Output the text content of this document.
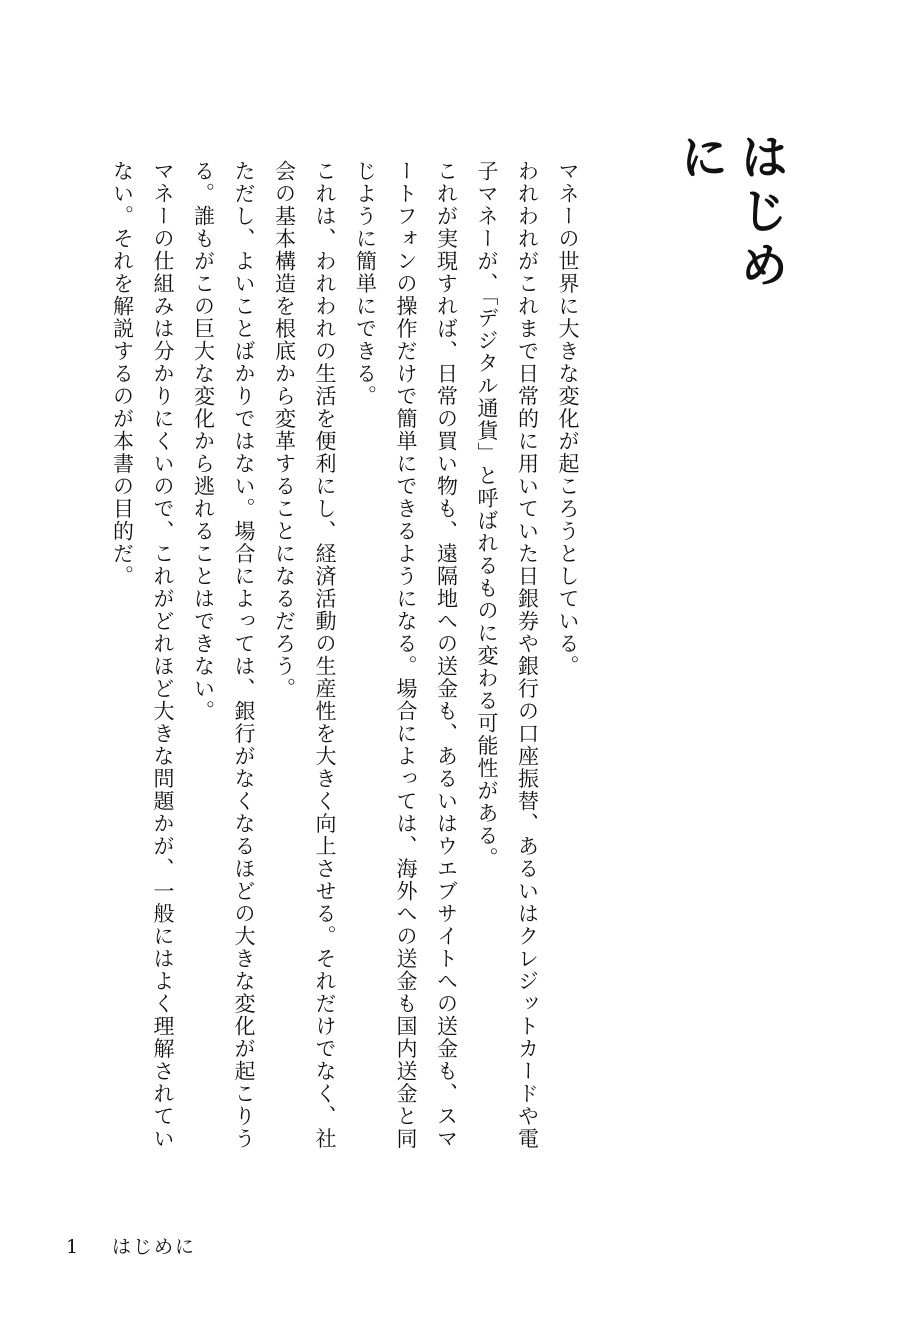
はじめに

マネーの世界に大きな変化が起ころうとしている。

われわれがこれまで日常的に用いていた日銀券や銀行の口座振替、あるいはクレジットカードや電子マネーが、「デジタル通貨」と呼ばれるものに変わる可能性がある。

これが実現すれば、日常の買い物も、遠隔地への送金も、あるいはウエブサイトへの送金も、スマートフォンの操作だけで簡単にできるようになる。場合によっては、海外への送金も国内送金と同じように簡単にできる。

これは、われわれの生活を便利にし、経済活動の生産性を大きく向上させる。それだけでなく、社会の基本構造を根底から変革することになるだろう。

ただし、よいことばかりではない。場合によっては、銀行がなくなるほどの大きな変化が起こりうる。誰もがこの巨大な変化から逃れることはできない。

マネーの仕組みは分かりにくいので、これがどれほど大きな問題かが、一般にはよく理解されていない。それを解説するのが本書の目的だ。

1	はじめに
